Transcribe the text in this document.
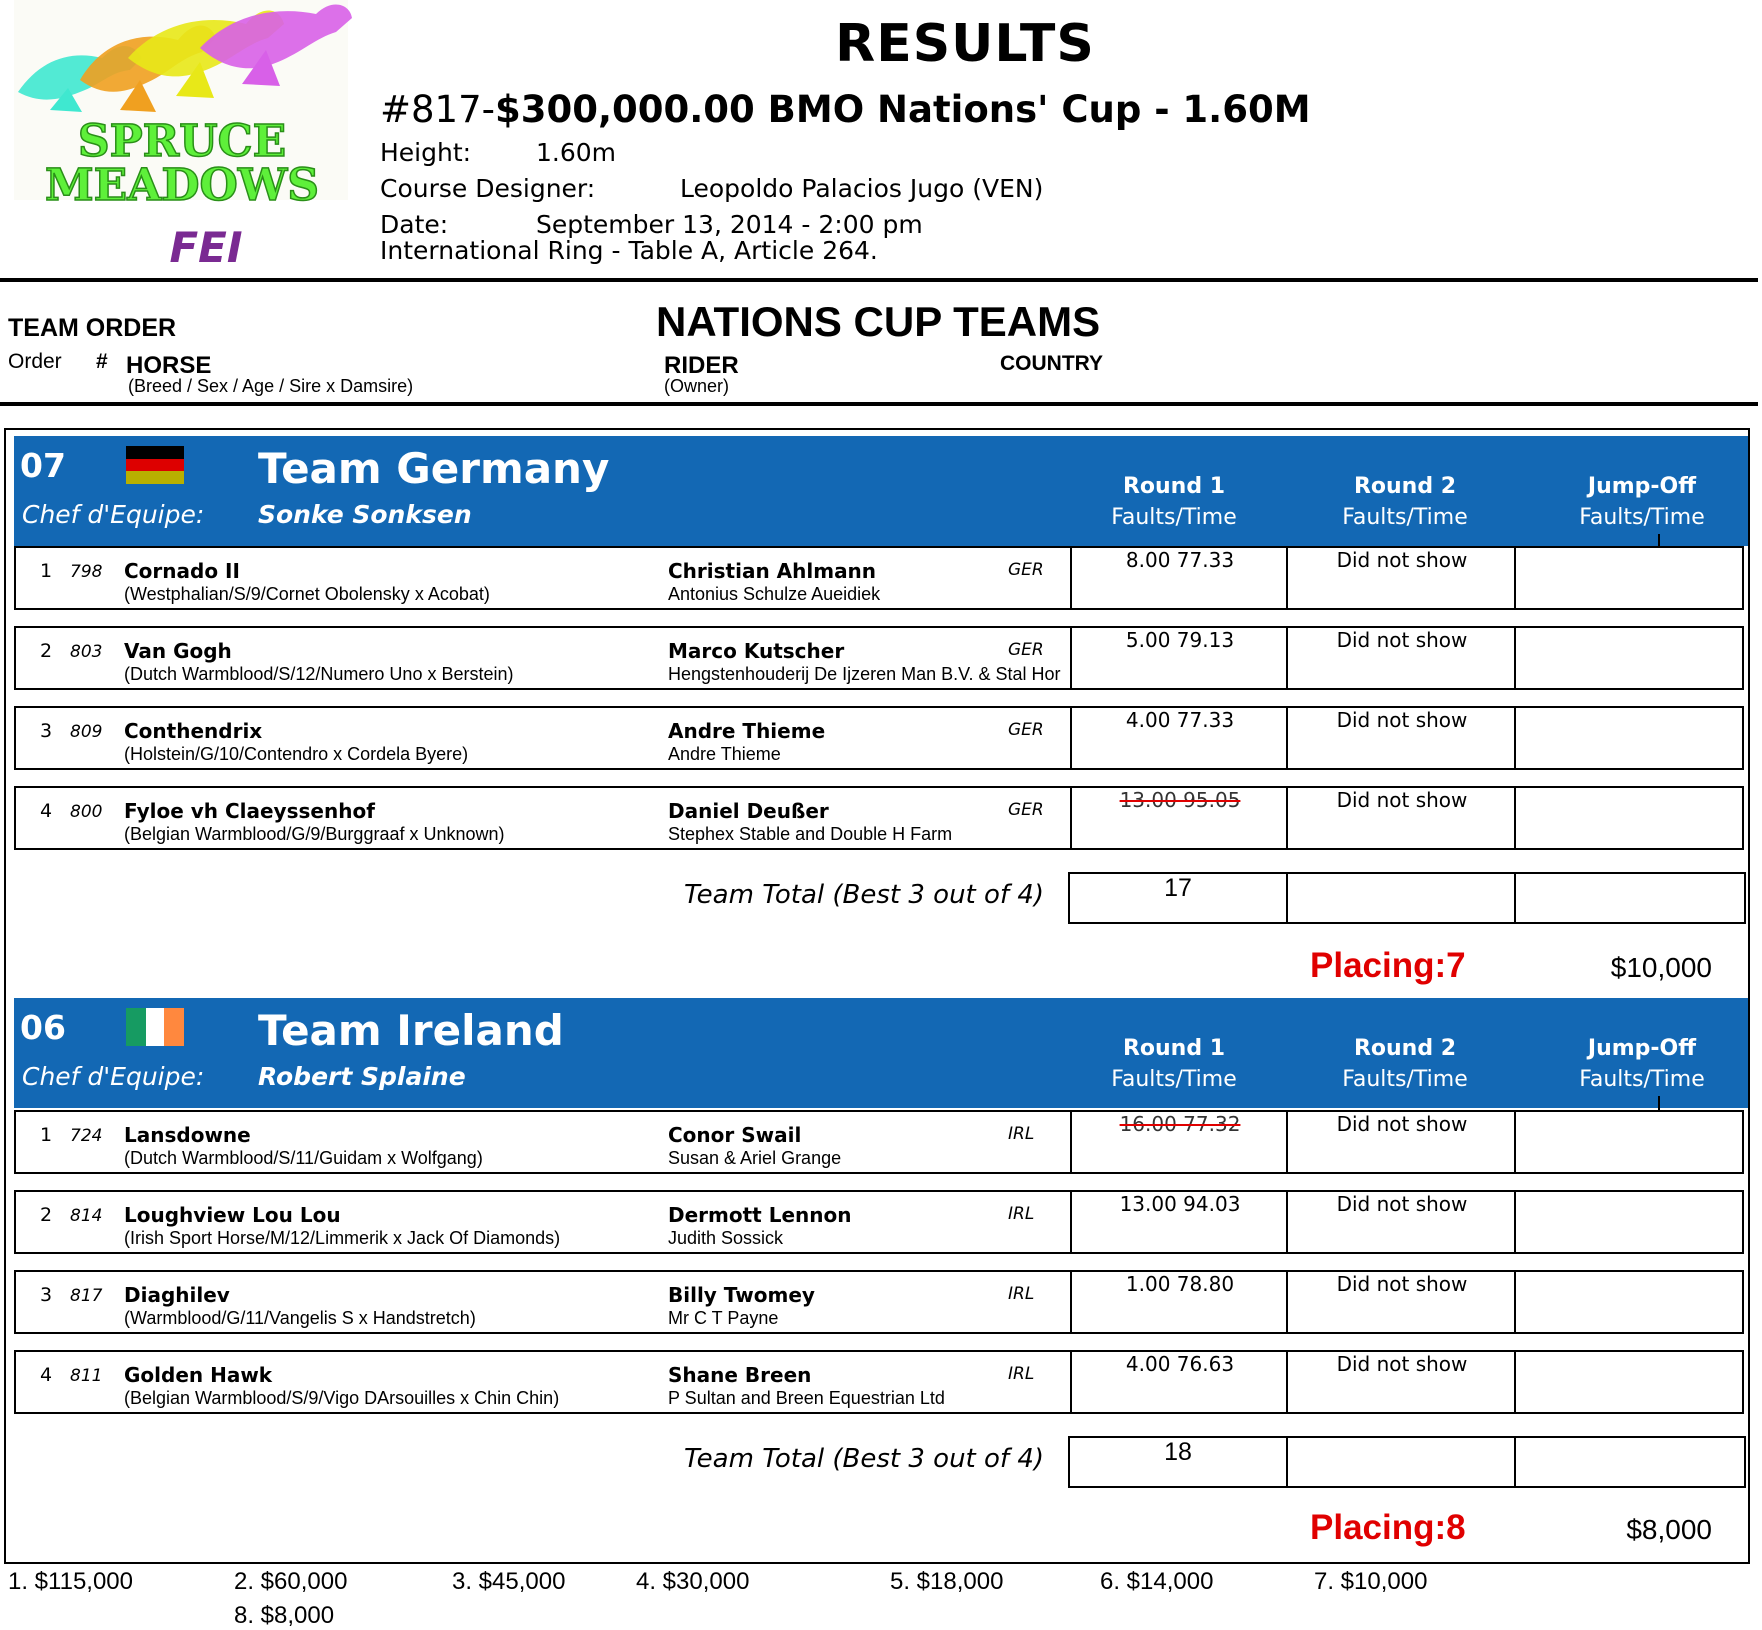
SPRUCE
MEADOWS
FEI
RESULTS
#817-$300,000.00 BMO Nations' Cup - 1.60M
Height:	1.60m
Course Designer:	Leopoldo Palacios Jugo (VEN)
Date:	September 13, 2014 - 2:00 pm
International Ring - Table A, Article 264.
TEAM ORDER	NATIONS CUP TEAMS
Order # HORSE
(Breed / Sex / Age / Sire x Damsire)
RIDER
(Owner)
COUNTRY
07	Team Germany
Chef d'Equipe: Sonke Sonksen
Round 1
Faults/Time
Round 2
Faults/Time
Jump-Off
Faults/Time
1 798 Cornado II
(Westphalian/S/9/Cornet Obolensky x Acobat)
Christian Ahlmann
Antonius Schulze Aueidiek
GER	8.00 77.33	Did not show
2 803 Van Gogh
(Dutch Warmblood/S/12/Numero Uno x Berstein)
Marco Kutscher
Hengstenhouderij De Ijzeren Man B.V. & Stal Hor
GER	5.00 79.13	Did not show
3 809 Conthendrix
(Holstein/G/10/Contendro x Cordela Byere)
Andre Thieme
Andre Thieme
GER	4.00 77.33	Did not show
4 800 Fyloe vh Claeyssenhof
(Belgian Warmblood/G/9/Burggraaf x Unknown)
Daniel Deußer
Stephex Stable and Double H Farm
GER	13.00 95.05	Did not show
Team Total (Best 3 out of 4)	17
Placing:7	$10,000
06	Team Ireland
Chef d'Equipe: Robert Splaine
Round 1
Faults/Time
Round 2
Faults/Time
Jump-Off
Faults/Time
1 724 Lansdowne
(Dutch Warmblood/S/11/Guidam x Wolfgang)
Conor Swail
Susan & Ariel Grange
IRL	16.00 77.32	Did not show
2 814 Loughview Lou Lou
(Irish Sport Horse/M/12/Limmerik x Jack Of Diamonds)
Dermott Lennon
Judith Sossick
IRL	13.00 94.03	Did not show
3 817 Diaghilev
(Warmblood/G/11/Vangelis S x Handstretch)
Billy Twomey
Mr C T Payne
IRL	1.00 78.80	Did not show
4 811 Golden Hawk
(Belgian Warmblood/S/9/Vigo DArsouilles x Chin Chin)
Shane Breen
P Sultan and Breen Equestrian Ltd
IRL	4.00 76.63	Did not show
Team Total (Best 3 out of 4)	18
Placing:8	$8,000
1. $115,000	2. $60,000	3. $45,000	4. $30,000	5. $18,000	6. $14,000	7. $10,000
8. $8,000
